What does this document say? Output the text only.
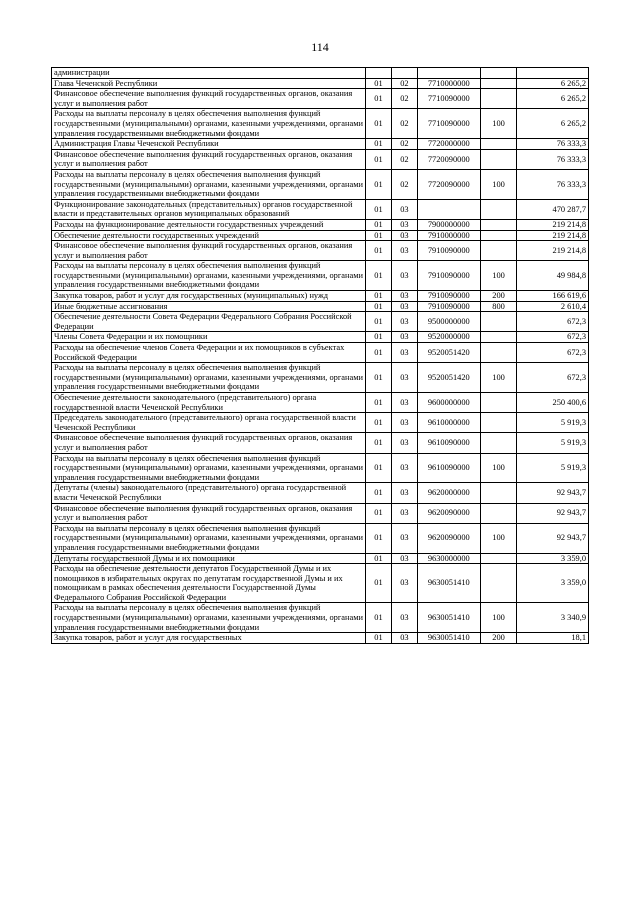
114
администрации					
Глава Чеченской Республики	01	02	7710000000		6 265,2
Финансовое обеспечение выполнения функций государственных органов, оказания услуг и выполнения работ	01	02	7710090000		6 265,2
Расходы на выплаты персоналу в целях обеспечения выполнения функций государственными (муниципальными) органами, казенными учреждениями, органами управления государственными внебюджетными фондами	01	02	7710090000	100	6 265,2
Администрация Главы Чеченской Республики	01	02	7720000000		76 333,3
Финансовое обеспечение выполнения функций государственных органов, оказания услуг и выполнения работ	01	02	7720090000		76 333,3
Расходы на выплаты персоналу в целях обеспечения выполнения функций государственными (муниципальными) органами, казенными учреждениями, органами управления государственными внебюджетными фондами	01	02	7720090000	100	76 333,3
Функционирование законодательных (представительных) органов государственной власти и представительных органов муниципальных образований	01	03			470 287,7
Расходы на функционирование деятельности государственных учреждений	01	03	7900000000		219 214,8
Обеспечение деятельности государственных учреждений	01	03	7910000000		219 214,8
Финансовое обеспечение выполнения функций государственных органов, оказания услуг и выполнения работ	01	03	7910090000		219 214,8
Расходы на выплаты персоналу в целях обеспечения выполнения функций государственными (муниципальными) органами, казенными учреждениями, органами управления государственными внебюджетными фондами	01	03	7910090000	100	49 984,8
Закупка товаров, работ и услуг для государственных (муниципальных) нужд	01	03	7910090000	200	166 619,6
Иные бюджетные ассигнования	01	03	7910090000	800	2 610,4
Обеспечение деятельности Совета Федерации Федерального Собрания Российской Федерации	01	03	9500000000		672,3
Члены Совета Федерации и их помощники	01	03	9520000000		672,3
Расходы на обеспечение членов Совета Федерации и их помощников в субъектах Российской Федерации	01	03	9520051420		672,3
Расходы на выплаты персоналу в целях обеспечения выполнения функций государственными (муниципальными) органами, казенными учреждениями, органами управления государственными внебюджетными фондами	01	03	9520051420	100	672,3
Обеспечение деятельности законодательного (представительного) органа государственной власти Чеченской Республики	01	03	9600000000		250 400,6
Председатель законодательного (представительного) органа государственной власти Чеченской Республики	01	03	9610000000		5 919,3
Финансовое обеспечение выполнения функций государственных органов, оказания услуг и выполнения работ	01	03	9610090000		5 919,3
Расходы на выплаты персоналу в целях обеспечения выполнения функций государственными (муниципальными) органами, казенными учреждениями, органами управления государственными внебюджетными фондами	01	03	9610090000	100	5 919,3
Депутаты (члены) законодательного (представительного) органа государственной власти Чеченской Республики	01	03	9620000000		92 943,7
Финансовое обеспечение выполнения функций государственных органов, оказания услуг и выполнения работ	01	03	9620090000		92 943,7
Расходы на выплаты персоналу в целях обеспечения выполнения функций государственными (муниципальными) органами, казенными учреждениями, органами управления государственными внебюджетными фондами	01	03	9620090000	100	92 943,7
Депутаты государственной Думы и их помощники	01	03	9630000000		3 359,0
Расходы на обеспечение деятельности депутатов Государственной Думы и их помощников в избирательных округах по депутатам государственной Думы и их помощникам в рамках обеспечения деятельности Государственной Думы Федерального Собрания Российской Федерации	01	03	9630051410		3 359,0
Расходы на выплаты персоналу в целях обеспечения выполнения функций государственными (муниципальными) органами, казенными учреждениями, органами управления государственными внебюджетными фондами	01	03	9630051410	100	3 340,9
Закупка товаров, работ и услуг для государственных	01	03	9630051410	200	18,1
